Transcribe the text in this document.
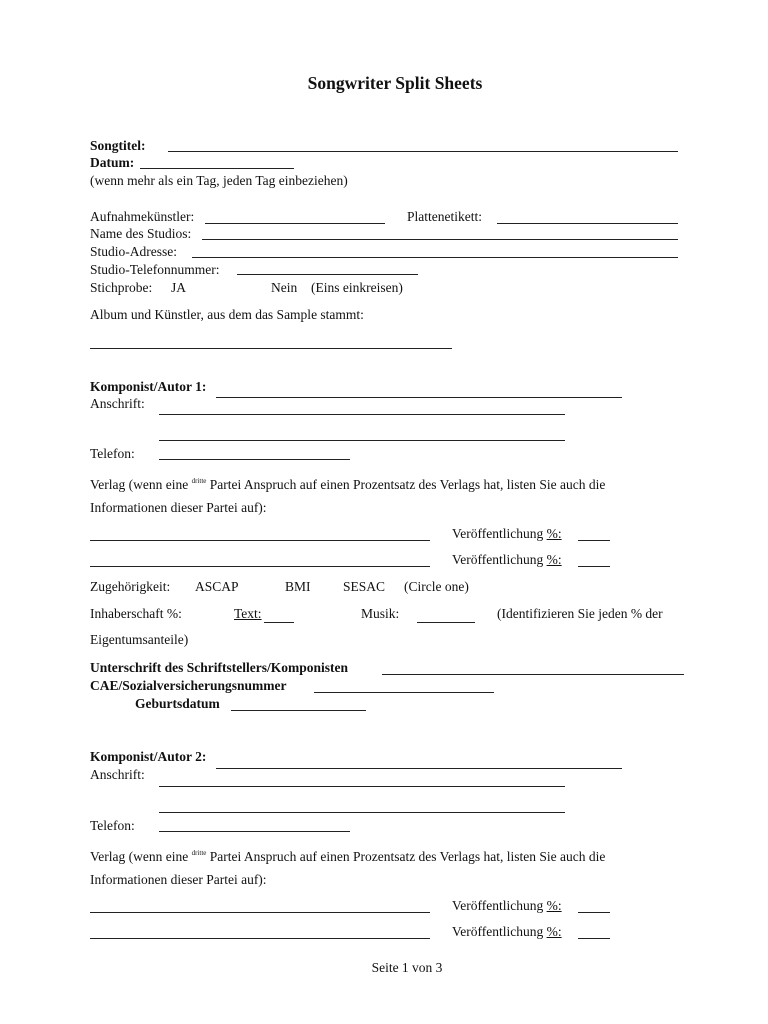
Songwriter Split Sheets
Songtitel:
Datum:
(wenn mehr als ein Tag, jeden Tag einbeziehen)
Aufnahmekünstler:	Plattenetikett:
Name des Studios:
Studio-Adresse:
Studio-Telefonnummer:
Stichprobe: JA	Nein (Eins einkreisen)
Album und Künstler, aus dem das Sample stammt:
Komponist/Autor 1:
Anschrift:
Telefon:
Verlag (wenn eine $^{dritte}$ Partei Anspruch auf einen Prozentsatz des Verlags hat, listen Sie auch die
Informationen dieser Partei auf):
Veröffentlichung %:
Veröffentlichung %:
Zugehörigkeit: ASCAP	BMI SESAC (Circle one)
Inhaberschaft %:	Text:	Musik:	(Identifizieren Sie jeden % der
Eigentumsanteile)
Unterschrift des Schriftstellers/Komponisten
CAE/Sozialversicherungsnummer
Geburtsdatum
Komponist/Autor 2:
Anschrift:
Telefon:
Verlag (wenn eine $^{dritte}$ Partei Anspruch auf einen Prozentsatz des Verlags hat, listen Sie auch die
Informationen dieser Partei auf):
Veröffentlichung %:
Veröffentlichung %:
Seite 1 von 3
